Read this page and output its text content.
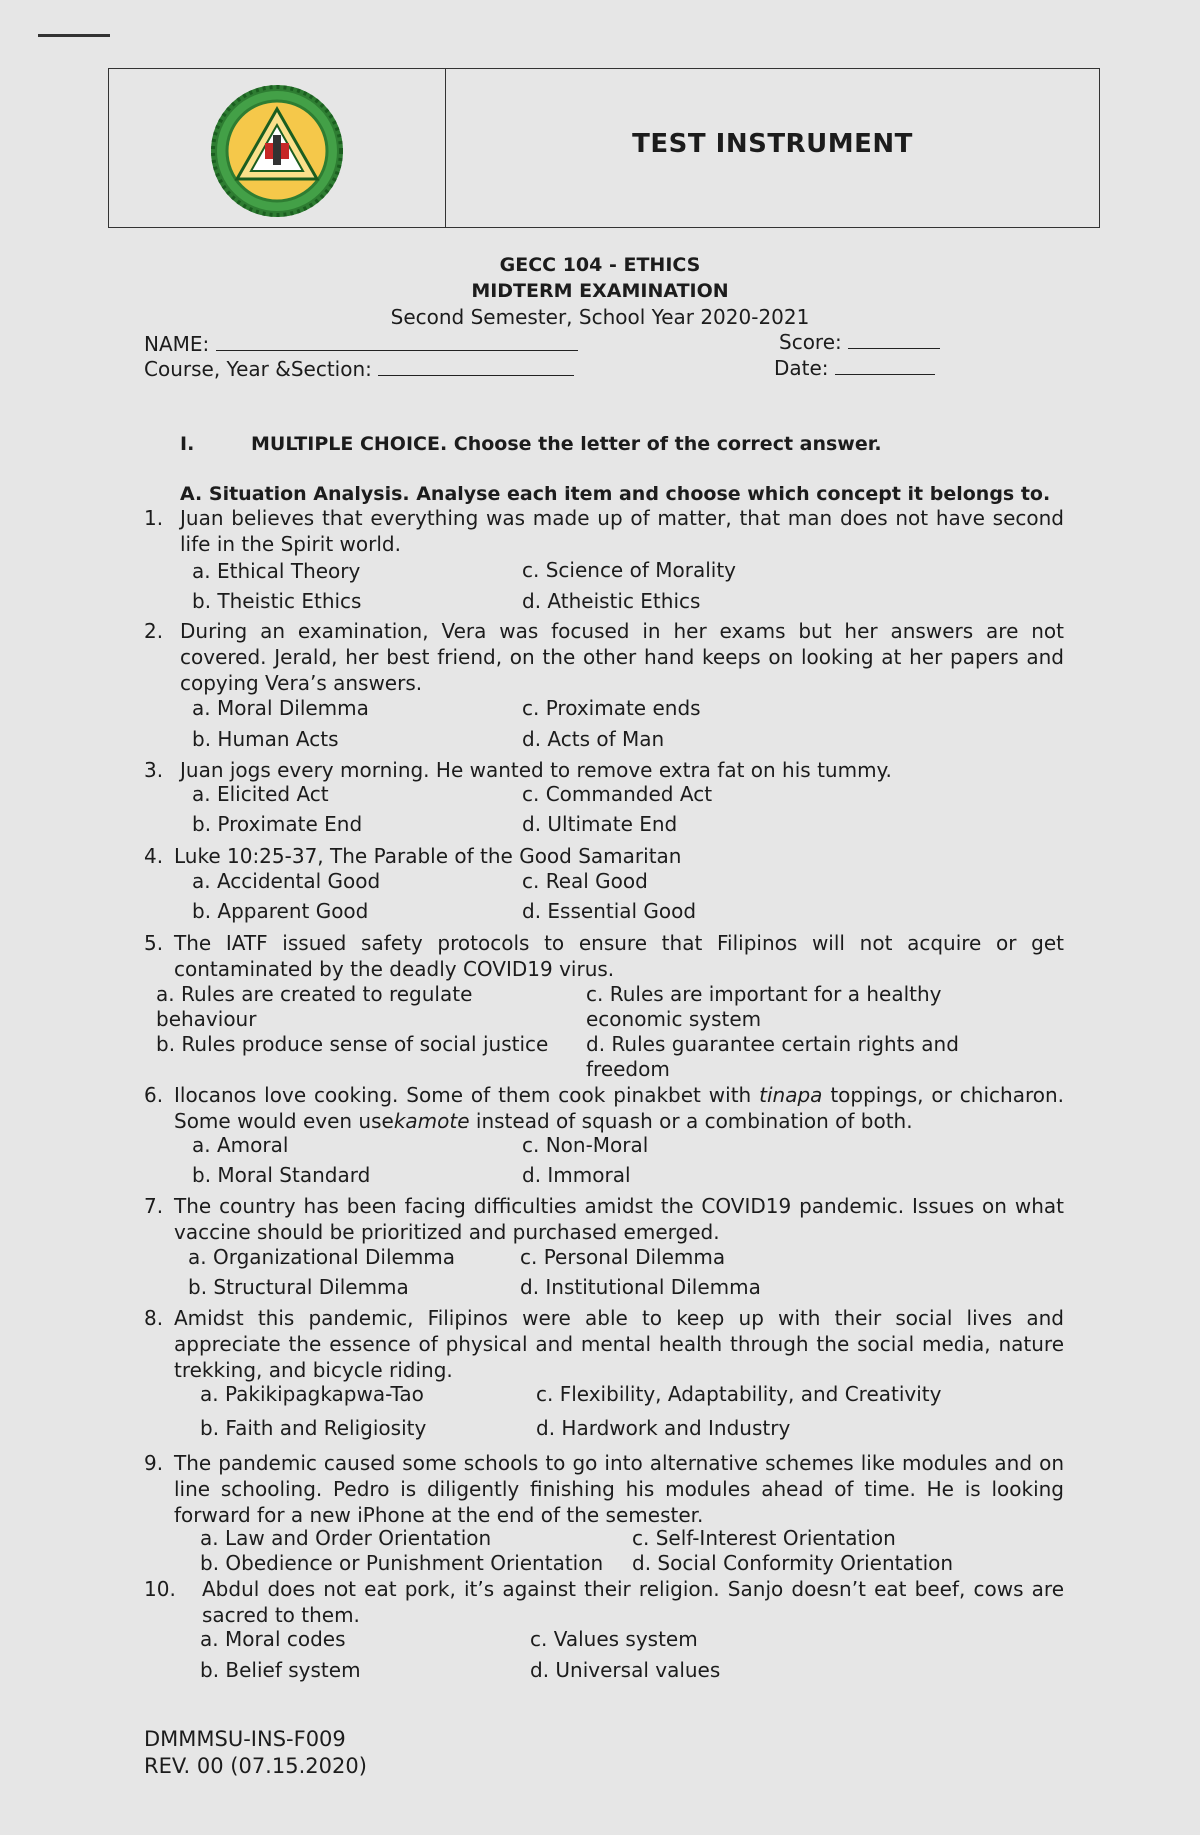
TEST INSTRUMENT
GECC 104 - ETHICS
MIDTERM EXAMINATION
Second Semester, School Year 2020-2021
NAME:	Score:
Course, Year &Section:	Date:
I.	MULTIPLE CHOICE. Choose the letter of the correct answer.
A. Situation Analysis. Analyse each item and choose which concept it belongs to.
1. Juan believes that everything was made up of matter, that man does not have second life in the Spirit world.
a. Ethical Theory
b. Theistic Ethics
c. Science of Morality
d. Atheistic Ethics
2. During an examination, Vera was focused in her exams but her answers are not covered. Jerald, her best friend, on the other hand keeps on looking at her papers and copying Vera’s answers.
a. Moral Dilemma
b. Human Acts
c. Proximate ends
d. Acts of Man
3. Juan jogs every morning. He wanted to remove extra fat on his tummy.
a. Elicited Act
b. Proximate End
c. Commanded Act
d. Ultimate End
4. Luke 10:25-37, The Parable of the Good Samaritan
a. Accidental Good
b. Apparent Good
c. Real Good
d. Essential Good
5. The IATF issued safety protocols to ensure that Filipinos will not acquire or get contaminated by the deadly COVID19 virus.
a. Rules are created to regulate behaviour
b. Rules produce sense of social justice
c. Rules are important for a healthy economic system
d. Rules guarantee certain rights and freedom
6. Ilocanos love cooking. Some of them cook pinakbet with tinapa toppings, or chicharon. Some would even usekamote instead of squash or a combination of both.
a. Amoral
b. Moral Standard
c. Non-Moral
d. Immoral
7. The country has been facing difficulties amidst the COVID19 pandemic. Issues on what vaccine should be prioritized and purchased emerged.
a. Organizational Dilemma
b. Structural Dilemma
c. Personal Dilemma
d. Institutional Dilemma
8. Amidst this pandemic, Filipinos were able to keep up with their social lives and appreciate the essence of physical and mental health through the social media, nature trekking, and bicycle riding.
a. Pakikipagkapwa-Tao
b. Faith and Religiosity
c. Flexibility, Adaptability, and Creativity
d. Hardwork and Industry
9. The pandemic caused some schools to go into alternative schemes like modules and on line schooling. Pedro is diligently finishing his modules ahead of time. He is looking forward for a new iPhone at the end of the semester.
a. Law and Order Orientation
b. Obedience or Punishment Orientation
c. Self-Interest Orientation
d. Social Conformity Orientation
10. Abdul does not eat pork, it’s against their religion. Sanjo doesn’t eat beef, cows are sacred to them.
a. Moral codes
b. Belief system
c. Values system
d. Universal values
DMMMSU-INS-F009
REV. 00 (07.15.2020)
